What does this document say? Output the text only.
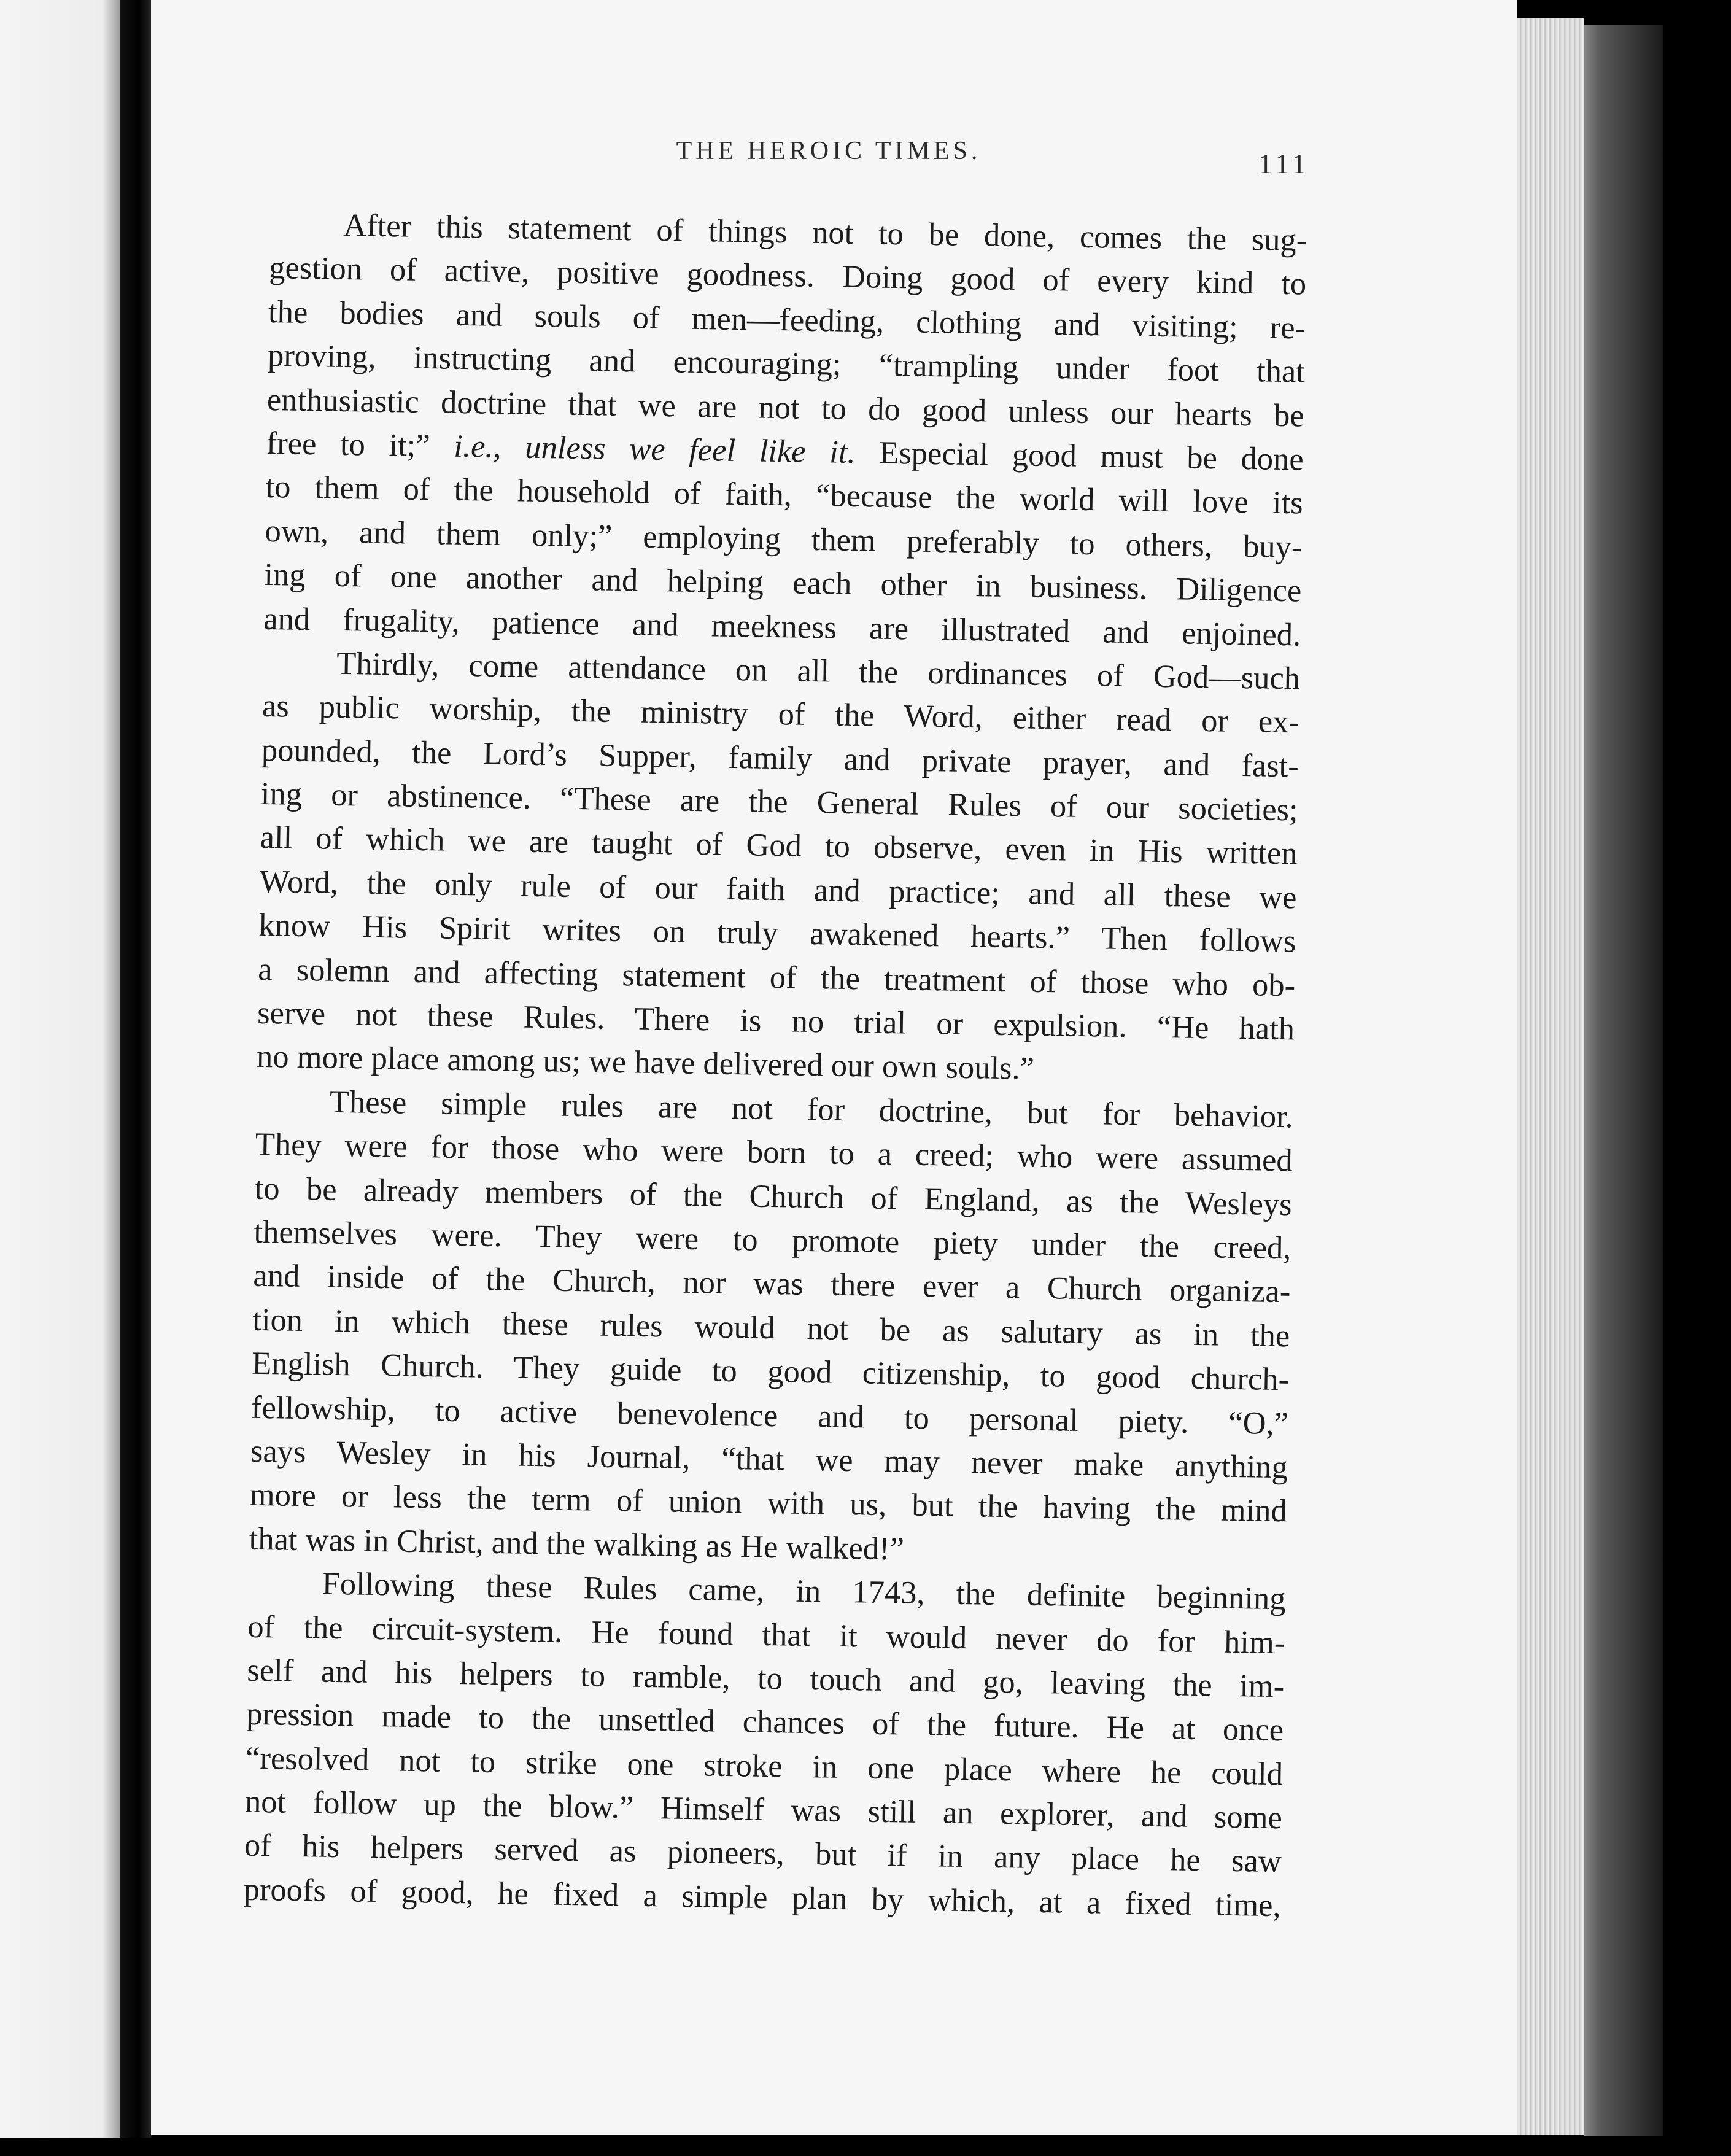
THE HEROIC TIMES.	111
After this statement of things not to be done, comes the sug-
gestion of active, positive goodness. Doing good of every kind to
the bodies and souls of men—feeding, clothing and visiting; re-
proving, instructing and encouraging; “trampling under foot that
enthusiastic doctrine that we are not to do good unless our hearts be
free to it;” i.e., unless we feel like it. Especial good must be done
to them of the household of faith, “because the world will love its
own, and them only;” employing them preferably to others, buy-
ing of one another and helping each other in business. Diligence
and frugality, patience and meekness are illustrated and enjoined.
Thirdly, come attendance on all the ordinances of God—such
as public worship, the ministry of the Word, either read or ex-
pounded, the Lord’s Supper, family and private prayer, and fast-
ing or abstinence. “These are the General Rules of our societies;
all of which we are taught of God to observe, even in His written
Word, the only rule of our faith and practice; and all these we
know His Spirit writes on truly awakened hearts.” Then follows
a solemn and affecting statement of the treatment of those who ob-
serve not these Rules. There is no trial or expulsion. “He hath
no more place among us; we have delivered our own souls.”
These simple rules are not for doctrine, but for behavior.
They were for those who were born to a creed; who were assumed
to be already members of the Church of England, as the Wesleys
themselves were. They were to promote piety under the creed,
and inside of the Church, nor was there ever a Church organiza-
tion in which these rules would not be as salutary as in the
English Church. They guide to good citizenship, to good church-
fellowship, to active benevolence and to personal piety. “O,”
says Wesley in his Journal, “that we may never make anything
more or less the term of union with us, but the having the mind
that was in Christ, and the walking as He walked!”
Following these Rules came, in 1743, the definite beginning
of the circuit-system. He found that it would never do for him-
self and his helpers to ramble, to touch and go, leaving the im-
pression made to the unsettled chances of the future. He at once
“resolved not to strike one stroke in one place where he could
not follow up the blow.” Himself was still an explorer, and some
of his helpers served as pioneers, but if in any place he saw
proofs of good, he fixed a simple plan by which, at a fixed time,
